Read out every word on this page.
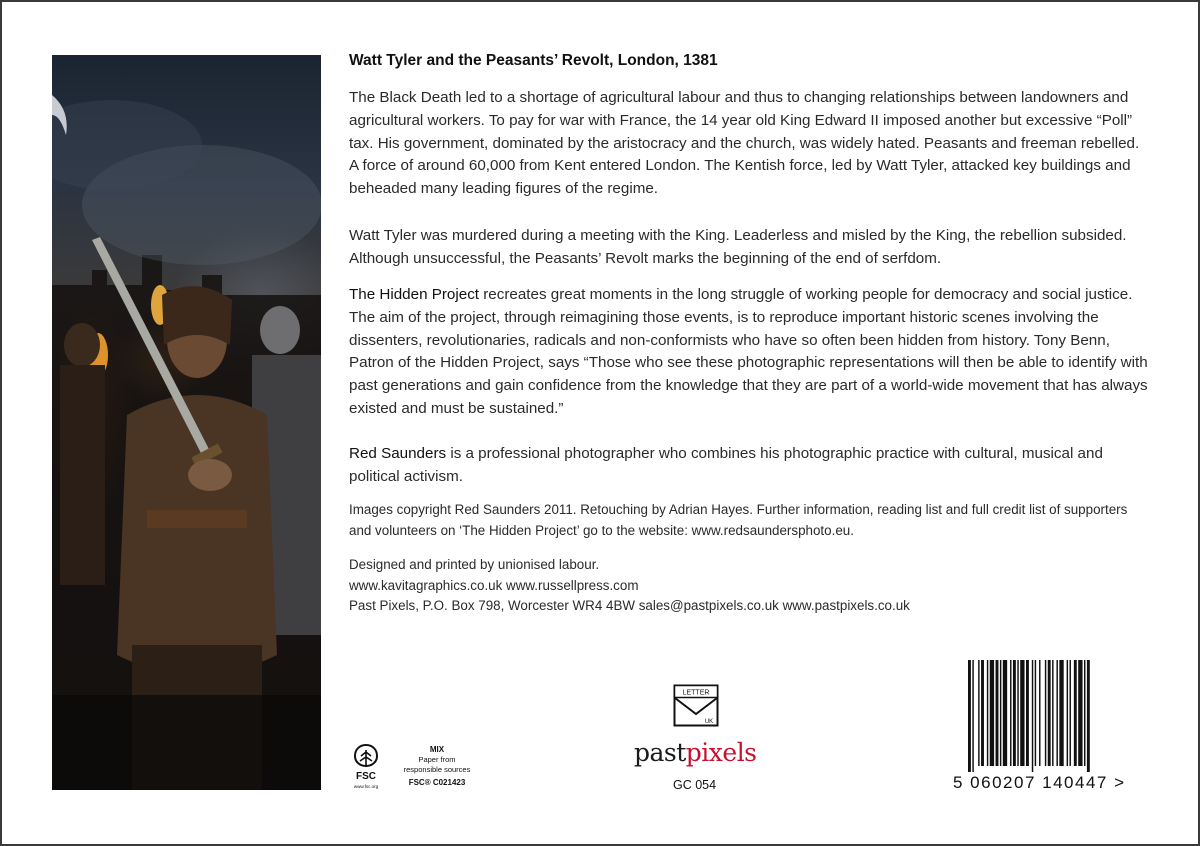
Watt Tyler and the Peasants’ Revolt, London, 1381

The Black Death led to a shortage of agricultural labour and thus to changing relationships between landowners and agricultural workers. To pay for war with France, the 14 year old King Edward II imposed another but excessive “Poll” tax. His government, dominated by the aristocracy and the church, was widely hated. Peasants and freeman rebelled. A force of around 60,000 from Kent entered London. The Kentish force, led by Watt Tyler, attacked key buildings and beheaded many leading figures of the regime.

Watt Tyler was murdered during a meeting with the King. Leaderless and misled by the King, the rebellion subsided. Although unsuccessful, the Peasants’ Revolt marks the beginning of the end of serfdom.

The Hidden Project recreates great moments in the long struggle of working people for democracy and social justice. The aim of the project, through reimagining those events, is to reproduce important historic scenes involving the dissenters, revolutionaries, radicals and non-conformists who have so often been hidden from history. Tony Benn, Patron of the Hidden Project, says “Those who see these photographic representations will then be able to identify with past generations and gain confidence from the knowledge that they are part of a world-wide movement that has always existed and must be sustained.”

Red Saunders is a professional photographer who combines his photographic practice with cultural, musical and political activism.

Images copyright Red Saunders 2011. Retouching by Adrian Hayes. Further information, reading list and full credit list of supporters and volunteers on ‘The Hidden Project’ go to the website: www.redsaundersphoto.eu.

Designed and printed by unionised labour.
www.kavitagraphics.co.uk www.russellpress.com
Past Pixels, P.O. Box 798, Worcester WR4 4BW sales@pastpixels.co.uk www.pastpixels.co.uk
FSC
www.fsc.org
MIX
Paper from
responsible sources
FSC® C021423
LETTER
UK
pastpixels
GC 054	5 060207 140447 >
